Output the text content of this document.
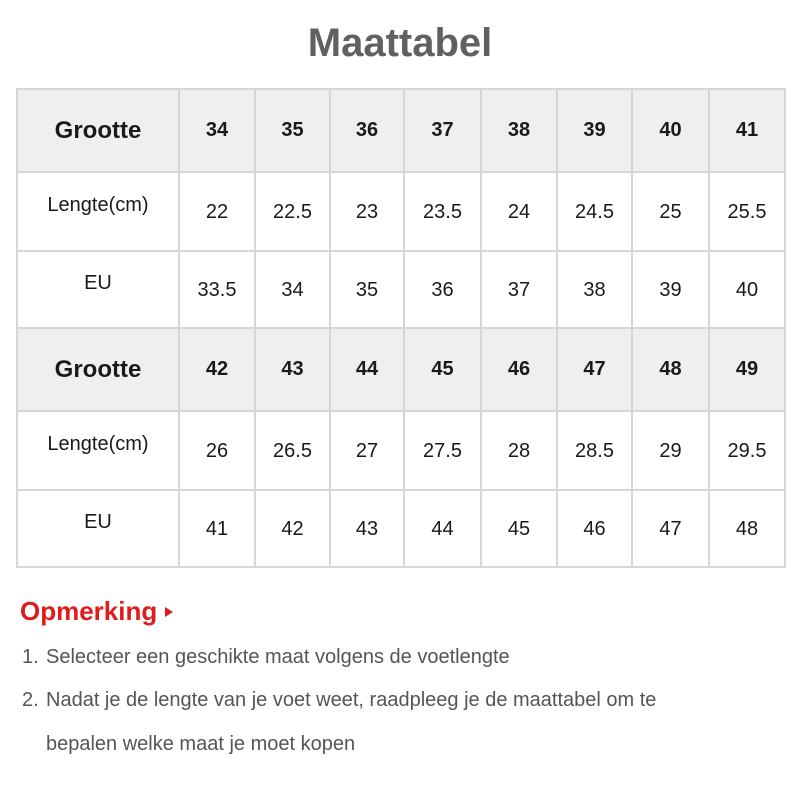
Maattabel
Grootte	34	35	36	37	38	39	40	41
Lengte(cm)	22	22.5	23	23.5	24	24.5	25	25.5
EU	33.5	34	35	36	37	38	39	40
Grootte	42	43	44	45	46	47	48	49
Lengte(cm)	26	26.5	27	27.5	28	28.5	29	29.5
EU	41	42	43	44	45	46	47	48
Opmerking
1. Selecteer een geschikte maat volgens de voetlengte
2. Nadat je de lengte van je voet weet, raadpleeg je de maattabel om te
bepalen welke maat je moet kopen
